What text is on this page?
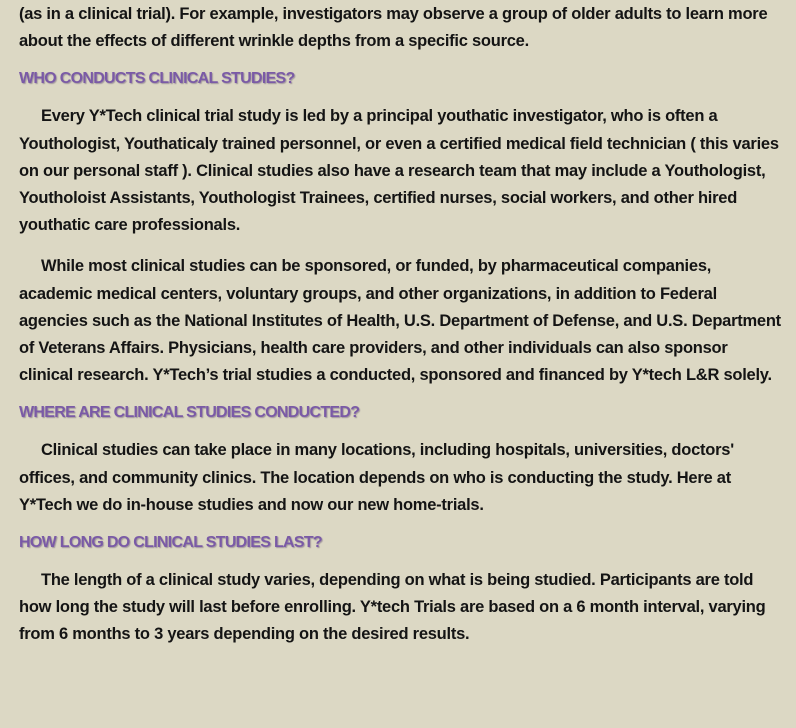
(as in a clinical trial). For example, investigators may observe a group of older adults to learn more about the effects of different wrinkle depths from a specific source.

WHO CONDUCTS CLINICAL STUDIES?

Every Y*Tech clinical trial study is led by a principal youthatic investigator, who is often a Youthologist, Youthaticaly trained personnel, or even a certified medical field technician ( this varies on our personal staff ). Clinical studies also have a research team that may include a Youthologist, Youtholoist Assistants, Youthologist Trainees, certified nurses, social workers, and other hired youthatic care professionals.

While most clinical studies can be sponsored, or funded, by pharmaceutical companies, academic medical centers, voluntary groups, and other organizations, in addition to Federal agencies such as the National Institutes of Health, U.S. Department of Defense, and U.S. Department of Veterans Affairs. Physicians, health care providers, and other individuals can also sponsor clinical research. Y*Tech’s trial studies a conducted, sponsored and financed by Y*tech L&R solely.

WHERE ARE CLINICAL STUDIES CONDUCTED?

Clinical studies can take place in many locations, including hospitals, universities, doctors' offices, and community clinics. The location depends on who is conducting the study. Here at Y*Tech we do in-house studies and now our new home-trials.

HOW LONG DO CLINICAL STUDIES LAST?

The length of a clinical study varies, depending on what is being studied. Participants are told how long the study will last before enrolling. Y*tech Trials are based on a 6 month interval, varying from 6 months to 3 years depending on the desired results.
